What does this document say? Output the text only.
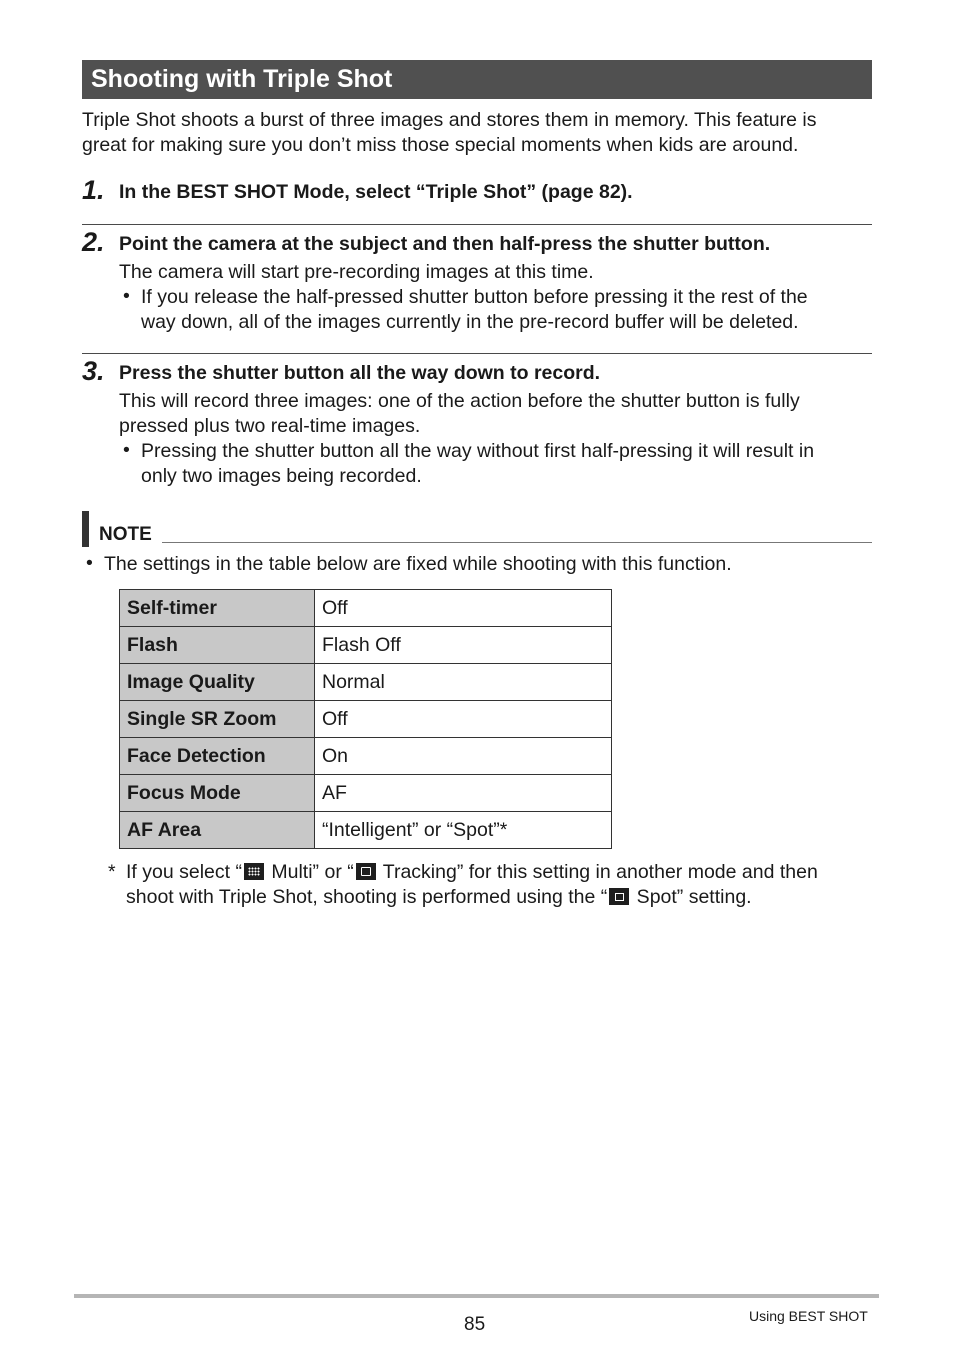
Shooting with Triple Shot
Triple Shot shoots a burst of three images and stores them in memory. This feature is
great for making sure you don’t miss those special moments when kids are around.
1. In the BEST SHOT Mode, select “Triple Shot” (page 82).
2. Point the camera at the subject and then half-press the shutter button.
The camera will start pre-recording images at this time.
• If you release the half-pressed shutter button before pressing it the rest of the
way down, all of the images currently in the pre-record buffer will be deleted.
3. Press the shutter button all the way down to record.
This will record three images: one of the action before the shutter button is fully
pressed plus two real-time images.
• Pressing the shutter button all the way without first half-pressing it will result in
only two images being recorded.
NOTE
• The settings in the table below are fixed while shooting with this function.
Self-timer	Off
Flash	Flash Off
Image Quality	Normal
Single SR Zoom	Off
Face Detection	On
Focus Mode	AF
AF Area	“Intelligent” or “Spot”*
* If you select “ Multi” or “ Tracking” for this setting in another mode and then
shoot with Triple Shot, shooting is performed using the “ Spot” setting.
85	Using BEST SHOT
